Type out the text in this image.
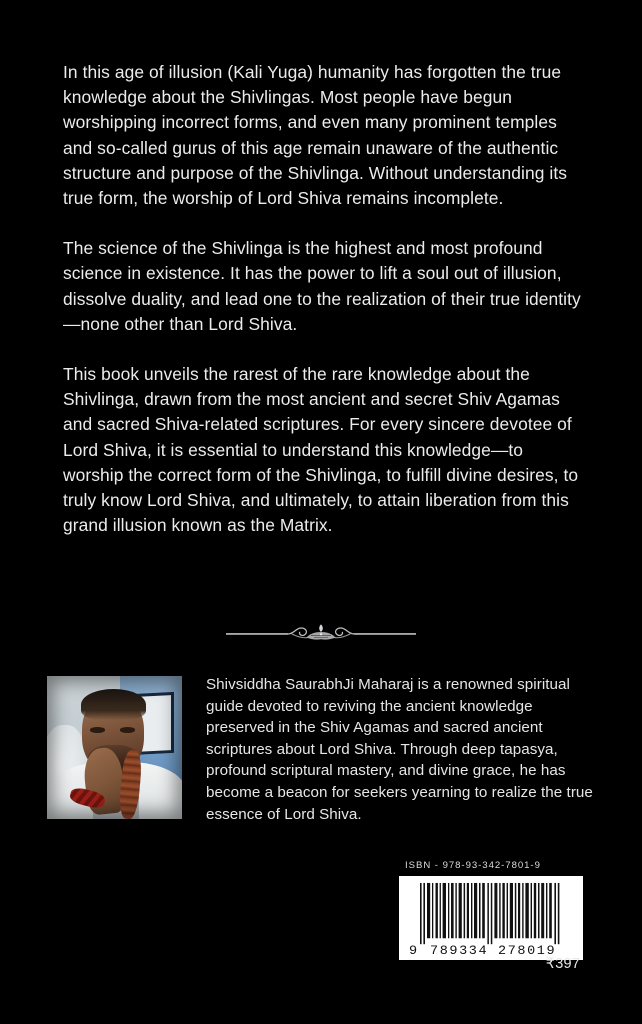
In this age of illusion (Kali Yuga) humanity has forgotten the true knowledge about the Shivlingas. Most people have begun worshipping incorrect forms, and even many prominent temples and so-called gurus of this age remain unaware of the authentic structure and purpose of the Shivlinga. Without understanding its true form, the worship of Lord Shiva remains incomplete.

The science of the Shivlinga is the highest and most profound science in existence. It has the power to lift a soul out of illusion, dissolve duality, and lead one to the realization of their true identity—none other than Lord Shiva.

This book unveils the rarest of the rare knowledge about the Shivlinga, drawn from the most ancient and secret Shiv Agamas and sacred Shiva-related scriptures. For every sincere devotee of Lord Shiva, it is essential to understand this knowledge—to worship the correct form of the Shivlinga, to fulfill divine desires, to truly know Lord Shiva, and ultimately, to attain liberation from this grand illusion known as the Matrix.

Shivsiddha SaurabhJi Maharaj is a renowned spiritual guide devoted to reviving the ancient knowledge preserved in the Shiv Agamas and sacred ancient scriptures about Lord Shiva. Through deep tapasya, profound scriptural mastery, and divine grace, he has become a beacon for seekers yearning to realize the true essence of Lord Shiva.

ISBN - 978-93-342-7801-9
9 789334 278019
₹397
